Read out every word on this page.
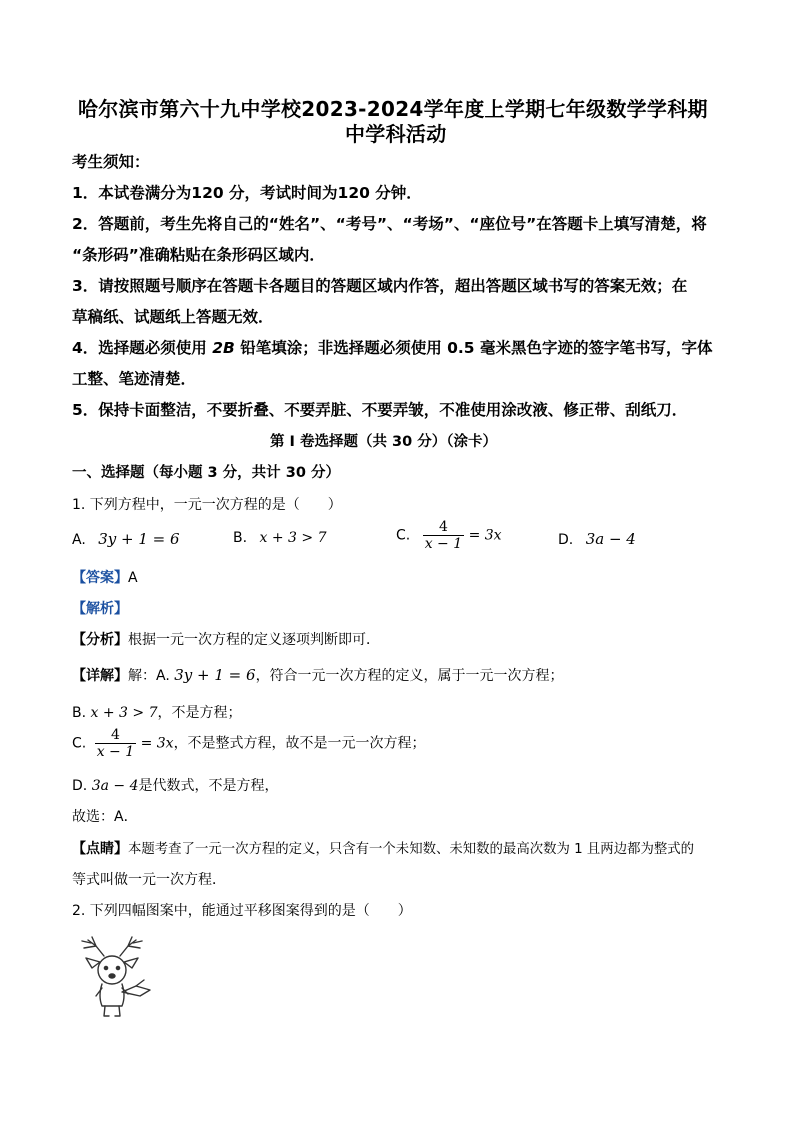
哈尔滨市第六十九中学校2023-2024学年度上学期七年级数学学科期
中学科活动
考生须知：
1．本试卷满分为120 分，考试时间为120 分钟．
2．答题前，考生先将自己的“姓名”、“考号”、“考场”、“座位号”在答题卡上填写清楚，将
“条形码”准确粘贴在条形码区域内．
3．请按照题号顺序在答题卡各题目的答题区域内作答，超出答题区域书写的答案无效；在
草稿纸、试题纸上答题无效．
4．选择题必须使用 2B 铅笔填涂；非选择题必须使用 0.5 毫米黑色字迹的签字笔书写，字体
工整、笔迹清楚．
5．保持卡面整洁，不要折叠、不要弄脏、不要弄皱，不准使用涂改液、修正带、刮纸刀．
第 I 卷选择题（共 30 分）（涂卡）
一、选择题（每小题 3 分，共计 30 分）
1. 下列方程中，一元一次方程的是（　　）
A. 3y + 1 = 6	B. x + 3 > 7	C. $\frac{4}{x - 1} = 3x$	D. 3a − 4
【答案】A
【解析】
【分析】根据一元一次方程的定义逐项判断即可．
【详解】解：A. 3y + 1 = 6，符合一元一次方程的定义，属于一元一次方程；
B. x + 3 > 7，不是方程；
C. $\frac{4}{x - 1} = 3x$，不是整式方程，故不是一元一次方程；
D. 3a − 4是代数式，不是方程，
故选：A．
【点睛】本题考查了一元一次方程的定义，只含有一个未知数、未知数的最高次数为 1 且两边都为整式的
等式叫做一元一次方程．
2. 下列四幅图案中，能通过平移图案得到的是（　　）
